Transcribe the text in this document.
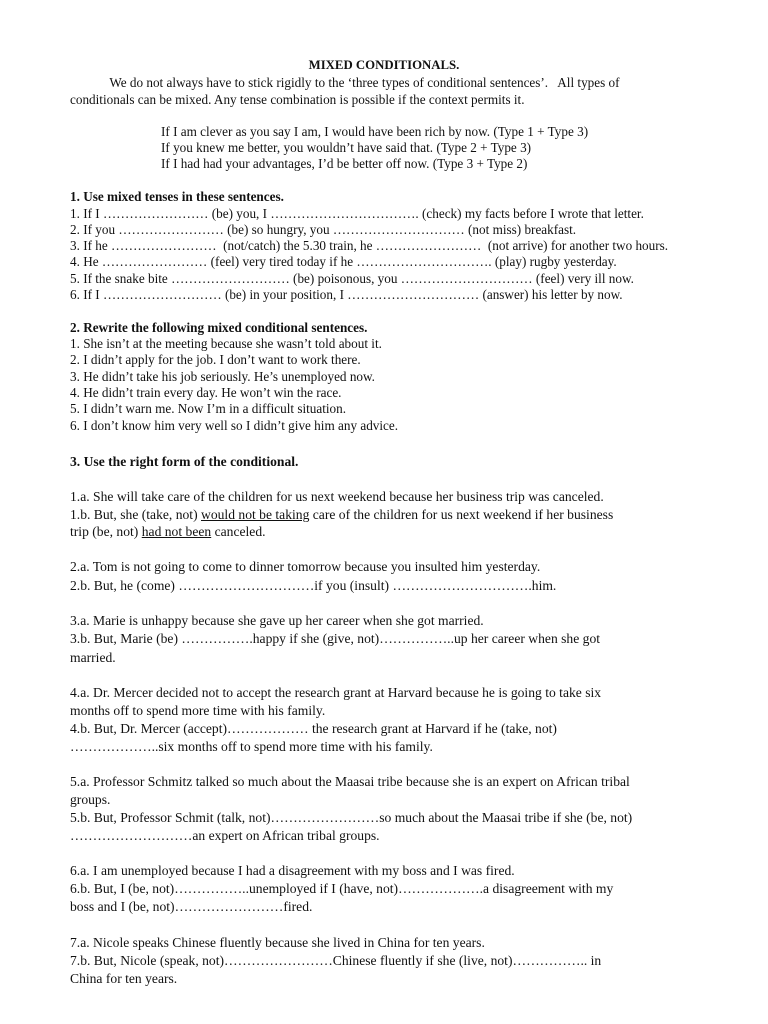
MIXED CONDITIONALS.
We do not always have to stick rigidly to the ‘three types of conditional sentences’.   All types of
conditionals can be mixed. Any tense combination is possible if the context permits it.
If I am clever as you say I am, I would have been rich by now. (Type 1 + Type 3)
If you knew me better, you wouldn’t have said that. (Type 2 + Type 3)
If I had had your advantages, I’d be better off now. (Type 3 + Type 2)
1. Use mixed tenses in these sentences.
1. If I …………………… (be) you, I ……………………………. (check) my facts before I wrote that letter.
2. If you …………………… (be) so hungry, you ………………………… (not miss) breakfast.
3. If he ……………………  (not/catch) the 5.30 train, he ……………………  (not arrive) for another two hours.
4. He …………………… (feel) very tired today if he …………………………. (play) rugby yesterday.
5. If the snake bite ……………………… (be) poisonous, you ………………………… (feel) very ill now.
6. If I ……………………… (be) in your position, I ………………………… (answer) his letter by now.
2. Rewrite the following mixed conditional sentences.
1. She isn’t at the meeting because she wasn’t told about it.
2. I didn’t apply for the job. I don’t want to work there.
3. He didn’t take his job seriously. He’s unemployed now.
4. He didn’t train every day. He won’t win the race.
5. I didn’t warn me. Now I’m in a difficult situation.
6. I don’t know him very well so I didn’t give him any advice.
3. Use the right form of the conditional.
1.a. She will take care of the children for us next weekend because her business trip was canceled.
1.b. But, she (take, not) would not be taking care of the children for us next weekend if her business
trip (be, not) had not been canceled.
2.a. Tom is not going to come to dinner tomorrow because you insulted him yesterday.
2.b. But, he (come) …………………………if you (insult) ………………………….him.
3.a. Marie is unhappy because she gave up her career when she got married.
3.b. But, Marie (be) …………….happy if she (give, not)……………..up her career when she got
married.
4.a. Dr. Mercer decided not to accept the research grant at Harvard because he is going to take six
months off to spend more time with his family.
4.b. But, Dr. Mercer (accept)……………… the research grant at Harvard if he (take, not)
………………..six months off to spend more time with his family.
5.a. Professor Schmitz talked so much about the Maasai tribe because she is an expert on African tribal
groups.
5.b. But, Professor Schmit (talk, not)……………………so much about the Maasai tribe if she (be, not)
………………………an expert on African tribal groups.
6.a. I am unemployed because I had a disagreement with my boss and I was fired.
6.b. But, I (be, not)……………..unemployed if I (have, not)……………….a disagreement with my
boss and I (be, not)……………………fired.
7.a. Nicole speaks Chinese fluently because she lived in China for ten years.
7.b. But, Nicole (speak, not)……………………Chinese fluently if she (live, not)…………….. in
China for ten years.
